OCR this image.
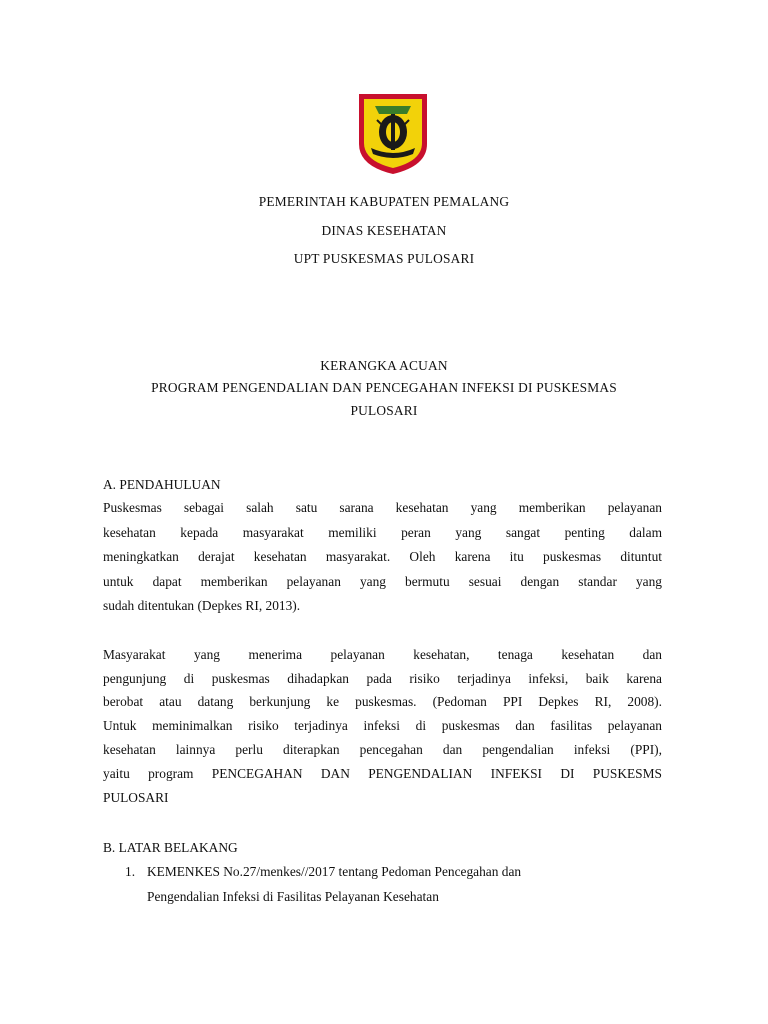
PEMERINTAH KABUPATEN PEMALANG
DINAS KESEHATAN
UPT PUSKESMAS PULOSARI
KERANGKA ACUAN
PROGRAM PENGENDALIAN DAN PENCEGAHAN INFEKSI DI PUSKESMAS
PULOSARI
A. PENDAHULUAN
Puskesmas sebagai salah satu sarana kesehatan yang memberikan pelayanan
kesehatan kepada masyarakat memiliki peran yang sangat penting dalam
meningkatkan derajat kesehatan masyarakat. Oleh karena itu puskesmas dituntut
untuk dapat memberikan pelayanan yang bermutu sesuai dengan standar yang
sudah ditentukan (Depkes RI, 2013).
Masyarakat yang menerima pelayanan kesehatan, tenaga kesehatan dan
pengunjung di puskesmas dihadapkan pada risiko terjadinya infeksi, baik karena
berobat atau datang berkunjung ke puskesmas. (Pedoman PPI Depkes RI, 2008).
Untuk meminimalkan risiko terjadinya infeksi di puskesmas dan fasilitas pelayanan
kesehatan lainnya perlu diterapkan pencegahan dan pengendalian infeksi (PPI),
yaitu program PENCEGAHAN DAN PENGENDALIAN INFEKSI DI PUSKESMS
PULOSARI
B. LATAR BELAKANG
1. KEMENKES No.27/menkes//2017 tentang Pedoman Pencegahan dan
Pengendalian Infeksi di Fasilitas Pelayanan Kesehatan
